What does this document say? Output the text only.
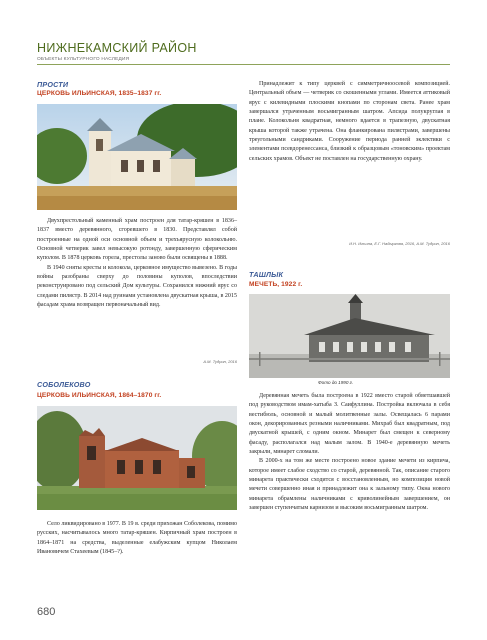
НИЖНЕКАМСКИЙ РАЙОН
ОБЪЕКТЫ КУЛЬТУРНОГО НАСЛЕДИЯ
ПРОСТИ
ЦЕРКОВЬ ИЛЬИНСКАЯ, 1835–1837 гг.

Двухпрестольный каменный храм построен для татар-кряшен в 1836–1837 вместо деревянного, сгоревшего в 1830. Представлял собой построенные на одной оси основной объем и трехъярусную колокольню. Основной четверик завел невысокую ротонду, завершенную сферическим куполом. В 1878 церковь горела, престолы заново были освящены в 1888.

В 1940 сняты кресты и колокола, церковное имущество вывезено. В годы войны разобраны сверху до половины куполов, впоследствии реконструировано под сельский Дом культуры. Сохранился нижний ярус со следами пилястр. В 2014 над руинами установлена двускатная крыша, в 2015 фасадам храма возвращен первоначальный вид.

А.М. Тудрин, 2016

Принадлежит к типу церквей с симметричноосевой композицией. Центральный объем — четверик со скошенными углами. Имеется аттиковый ярус с килевидными плоскими кнопами по сторонам света. Ранее храм завершался утраченным восьмигранным шатром. Апсида полукруглая в плане. Колокольня квадратная, немного вдается в трапезную, двускатная крыша которой также утрачена. Она фланкирована пилястрами, завершены треугольными сандриками. Сооружение периода ранней эклектики с элементами псевдоренессанса, близкий к образцовым «тоновским» проектам сельских храмов. Объект не поставлен на государственную охрану.

И.Н. Ильина, Е.Г. Надыргова, 2016, А.М. Тудрин, 2016
ТАШЛЫК
МЕЧЕТЬ, 1922 г.
Фото до 1990 г.

Деревянная мечеть была построена в 1922 вместо старой обветшавшей под руководством имам-хатыба З. Саифуллина. Постройка включала в себя вестибюль, основной и малый молитвенные залы. Освещалась 6 парами окон, декорированных резными наличниками. Михраб был квадратным, под двускатной крышей, с одним окном. Минарет был смещен к северному фасаду, располагался над малым залом. В 1940-е деревянную мечеть закрыли, минарет сломали.

В 2000-х на том же месте построено новое здание мечети из кирпича, которое имеет слабое сходство со старой, деревянной. Так, описание старого минарета практически сходится с восстановленным, но композиция новой мечети совершенно иная и принадлежит она к зальному типу. Окна нового минарета обрамлены наличниками с криволинейным завершением, он завершен ступенчатым карнизом и высоким восьмигранным шатром.

СОБОЛЕКОВО
ЦЕРКОВЬ ИЛЬИНСКАЯ, 1864–1870 гг.

Село ликвидировано в 1977. В 19 в. среди прихожан Соболекова, помимо русских, насчитывалось много татар-кряшен. Кирпичный храм построен в 1864–1871 на средства, выделенные елабужским купцом Николаем Ивановичем Стахеевым (1845–?).

680
